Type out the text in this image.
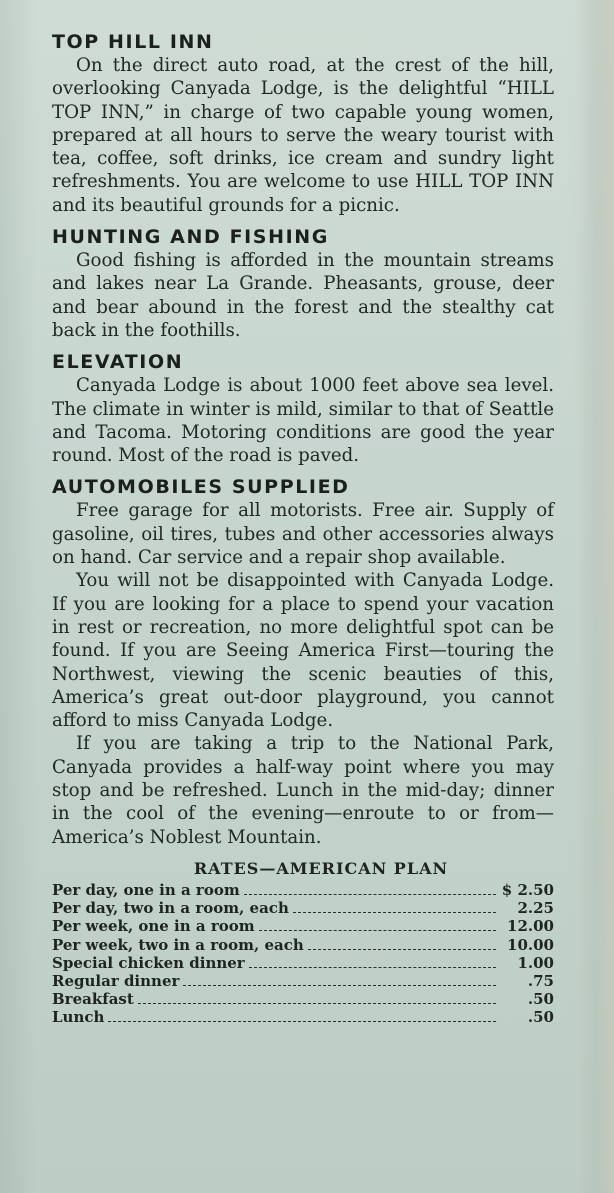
TOP HILL INN

On the direct auto road, at the crest of the hill, overlooking Canyada Lodge, is the delightful “HILL TOP INN,” in charge of two capable young women, prepared at all hours to serve the weary tourist with tea, coffee, soft drinks, ice cream and sundry light refreshments. You are welcome to use HILL TOP INN and its beautiful grounds for a picnic.

HUNTING AND FISHING

Good fishing is afforded in the mountain streams and lakes near La Grande. Pheasants, grouse, deer and bear abound in the forest and the stealthy cat back in the foothills.

ELEVATION

Canyada Lodge is about 1000 feet above sea level. The climate in winter is mild, similar to that of Seattle and Tacoma. Motoring conditions are good the year round. Most of the road is paved.

AUTOMOBILES SUPPLIED

Free garage for all motorists. Free air. Supply of gasoline, oil tires, tubes and other accessories always on hand. Car service and a repair shop available.

You will not be disappointed with Canyada Lodge. If you are looking for a place to spend your vacation in rest or recreation, no more delightful spot can be found. If you are Seeing America First—touring the Northwest, viewing the scenic beauties of this, America’s great out-door playground, you cannot afford to miss Canyada Lodge.

If you are taking a trip to the National Park, Canyada provides a half-way point where you may stop and be refreshed. Lunch in the mid-day; dinner in the cool of the evening—enroute to or from—America’s Noblest Mountain.

RATES—AMERICAN PLAN
Per day, one in a room	$ 2.50
Per day, two in a room, each	2.25
Per week, one in a room	12.00
Per week, two in a room, each	10.00
Special chicken dinner	1.00
Regular dinner	.75
Breakfast	.50
Lunch	.50
